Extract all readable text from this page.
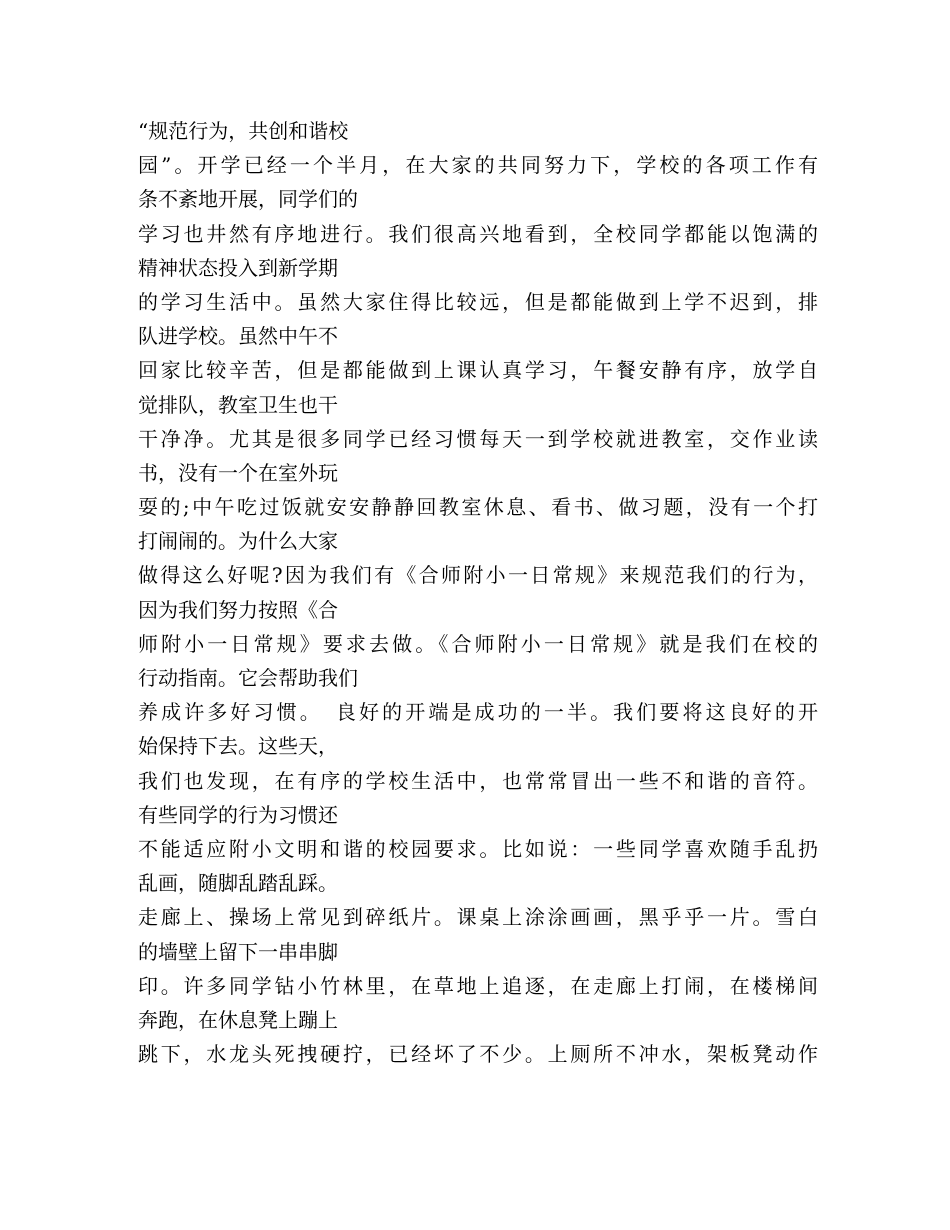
“规范行为，共创和谐校
园”。开学已经一个半月，在大家的共同努力下，学校的各项工作有
条不紊地开展，同学们的
学习也井然有序地进行。我们很高兴地看到，全校同学都能以饱满的
精神状态投入到新学期
的学习生活中。虽然大家住得比较远，但是都能做到上学不迟到，排
队进学校。虽然中午不
回家比较辛苦，但是都能做到上课认真学习，午餐安静有序，放学自
觉排队，教室卫生也干
干净净。尤其是很多同学已经习惯每天一到学校就进教室，交作业读
书，没有一个在室外玩
耍的;中午吃过饭就安安静静回教室休息、看书、做习题，没有一个打
打闹闹的。为什么大家
做得这么好呢?因为我们有《合师附小一日常规》来规范我们的行为，
因为我们努力按照《合
师附小一日常规》要求去做。《合师附小一日常规》就是我们在校的
行动指南。它会帮助我们
养成许多好习惯。　良好的开端是成功的一半。我们要将这良好的开
始保持下去。这些天，
我们也发现，在有序的学校生活中，也常常冒出一些不和谐的音符。
有些同学的行为习惯还
不能适应附小文明和谐的校园要求。比如说：一些同学喜欢随手乱扔
乱画，随脚乱踏乱踩。
走廊上、操场上常见到碎纸片。课桌上涂涂画画，黑乎乎一片。雪白
的墙壁上留下一串串脚
印。许多同学钻小竹林里，在草地上追逐，在走廊上打闹，在楼梯间
奔跑，在休息凳上蹦上
跳下，水龙头死拽硬拧，已经坏了不少。上厕所不冲水，架板凳动作
